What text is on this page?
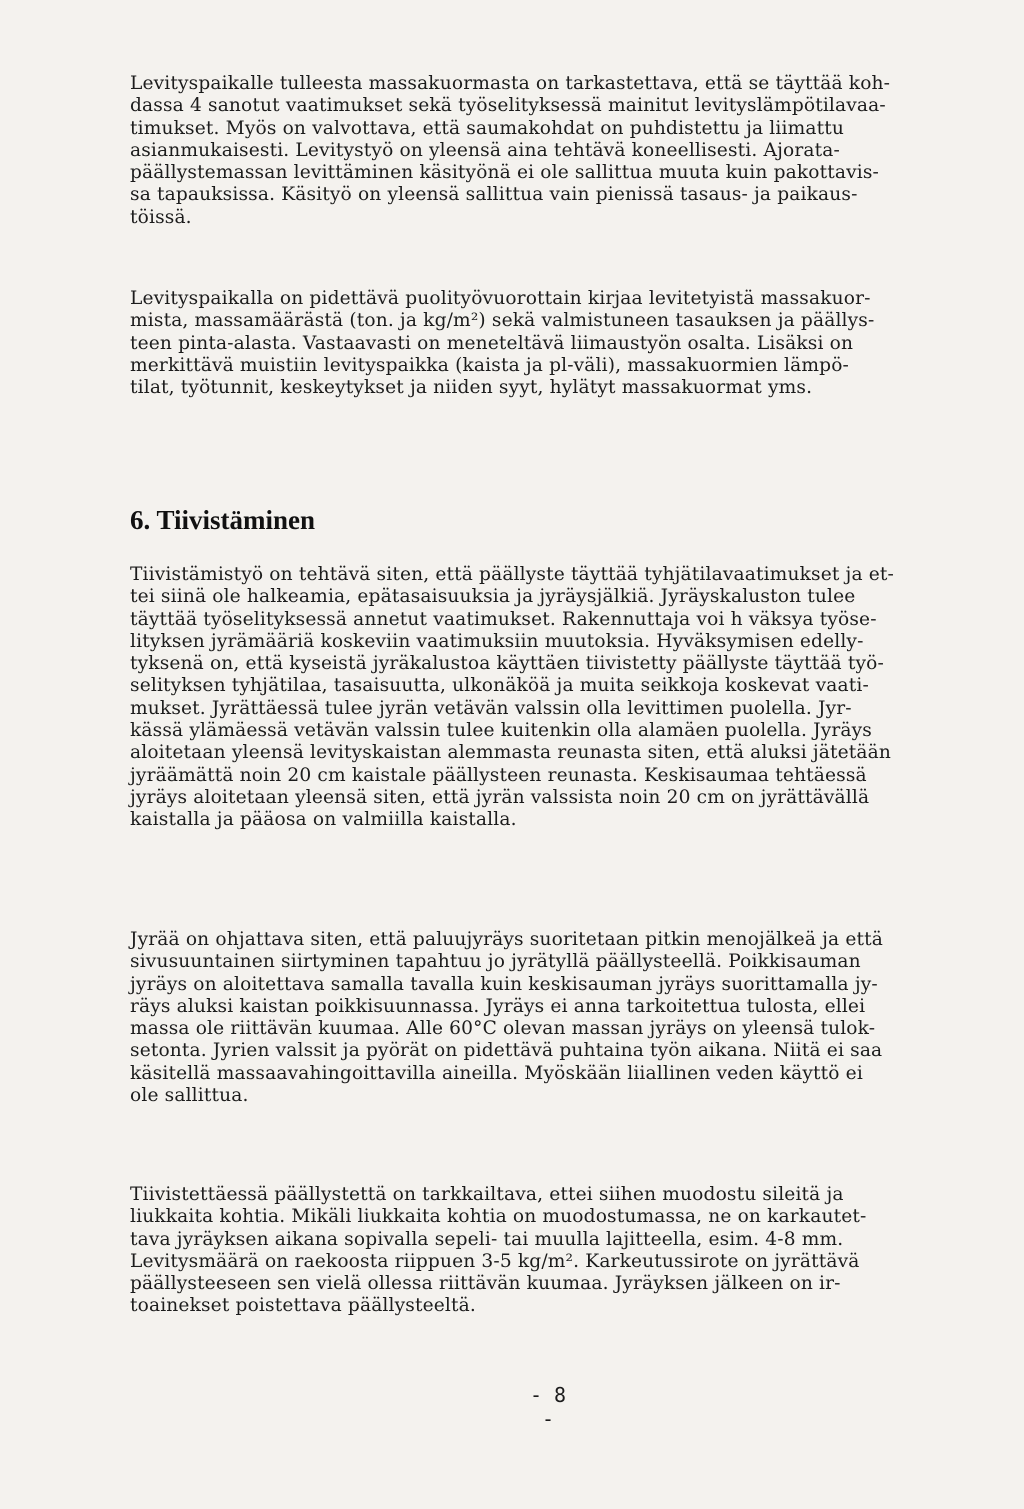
Levityspaikalle tulleesta massakuormasta on tarkastettava, että se täyttää koh-
dassa 4 sanotut vaatimukset sekä työselityksessä mainitut levityslämpötilavaa-
timukset. Myös on valvottava, että saumakohdat on puhdistettu ja liimattu
asianmukaisesti. Levitystyö on yleensä aina tehtävä koneellisesti. Ajorata-
päällystemassan levittäminen käsityönä ei ole sallittua muuta kuin pakottavis-
sa tapauksissa. Käsityö on yleensä sallittua vain pienissä tasaus- ja paikaus-
töissä.
Levityspaikalla on pidettävä puolityövuorottain kirjaa levitetyistä massakuor-
mista, massamäärästä (ton. ja kg/m²) sekä valmistuneen tasauksen ja päällys-
teen pinta-alasta. Vastaavasti on meneteltävä liimaustyön osalta. Lisäksi on
merkittävä muistiin levityspaikka (kaista ja pl-väli), massakuormien lämpö-
tilat, työtunnit, keskeytykset ja niiden syyt, hylätyt massakuormat yms.
6. Tiivistäminen
Tiivistämistyö on tehtävä siten, että päällyste täyttää tyhjätilavaatimukset ja et-
tei siinä ole halkeamia, epätasaisuuksia ja jyräysjälkiä. Jyräyskaluston tulee
täyttää työselityksessä annetut vaatimukset. Rakennuttaja voi h väksya työse-
lityksen jyrämääriä koskeviin vaatimuksiin muutoksia. Hyväksymisen edelly-
tyksenä on, että kyseistä jyräkalustoa käyttäen tiivistetty päällyste täyttää työ-
selityksen tyhjätilaa, tasaisuutta, ulkonäköä ja muita seikkoja koskevat vaati-
mukset. Jyrättäessä tulee jyrän vetävän valssin olla levittimen puolella. Jyr-
kässä ylämäessä vetävän valssin tulee kuitenkin olla alamäen puolella. Jyräys
aloitetaan yleensä levityskaistan alemmasta reunasta siten, että aluksi jätetään
jyräämättä noin 20 cm kaistale päällysteen reunasta. Keskisaumaa tehtäessä
jyräys aloitetaan yleensä siten, että jyrän valssista noin 20 cm on jyrättävällä
kaistalla ja pääosa on valmiilla kaistalla.
Jyrää on ohjattava siten, että paluujyräys suoritetaan pitkin menojälkeä ja että
sivusuuntainen siirtyminen tapahtuu jo jyrätyllä päällysteellä. Poikkisauman
jyräys on aloitettava samalla tavalla kuin keskisauman jyräys suorittamalla jy-
räys aluksi kaistan poikkisuunnassa. Jyräys ei anna tarkoitettua tulosta, ellei
massa ole riittävän kuumaa. Alle 60°C olevan massan jyräys on yleensä tulok-
setonta. Jyrien valssit ja pyörät on pidettävä puhtaina työn aikana. Niitä ei saa
käsitellä massaavahingoittavilla aineilla. Myöskään liiallinen veden käyttö ei
ole sallittua.
Tiivistettäessä päällystettä on tarkkailtava, ettei siihen muodostu sileitä ja
liukkaita kohtia. Mikäli liukkaita kohtia on muodostumassa, ne on karkautet-
tava jyräyksen aikana sopivalla sepeli- tai muulla lajitteella, esim. 4-8 mm.
Levitysmäärä on raekoosta riippuen 3-5 kg/m². Karkeutussirote on jyrättävä
päällysteeseen sen vielä ollessa riittävän kuumaa. Jyräyksen jälkeen on ir-
toainekset poistettava päällysteeltä.
- 8 -
